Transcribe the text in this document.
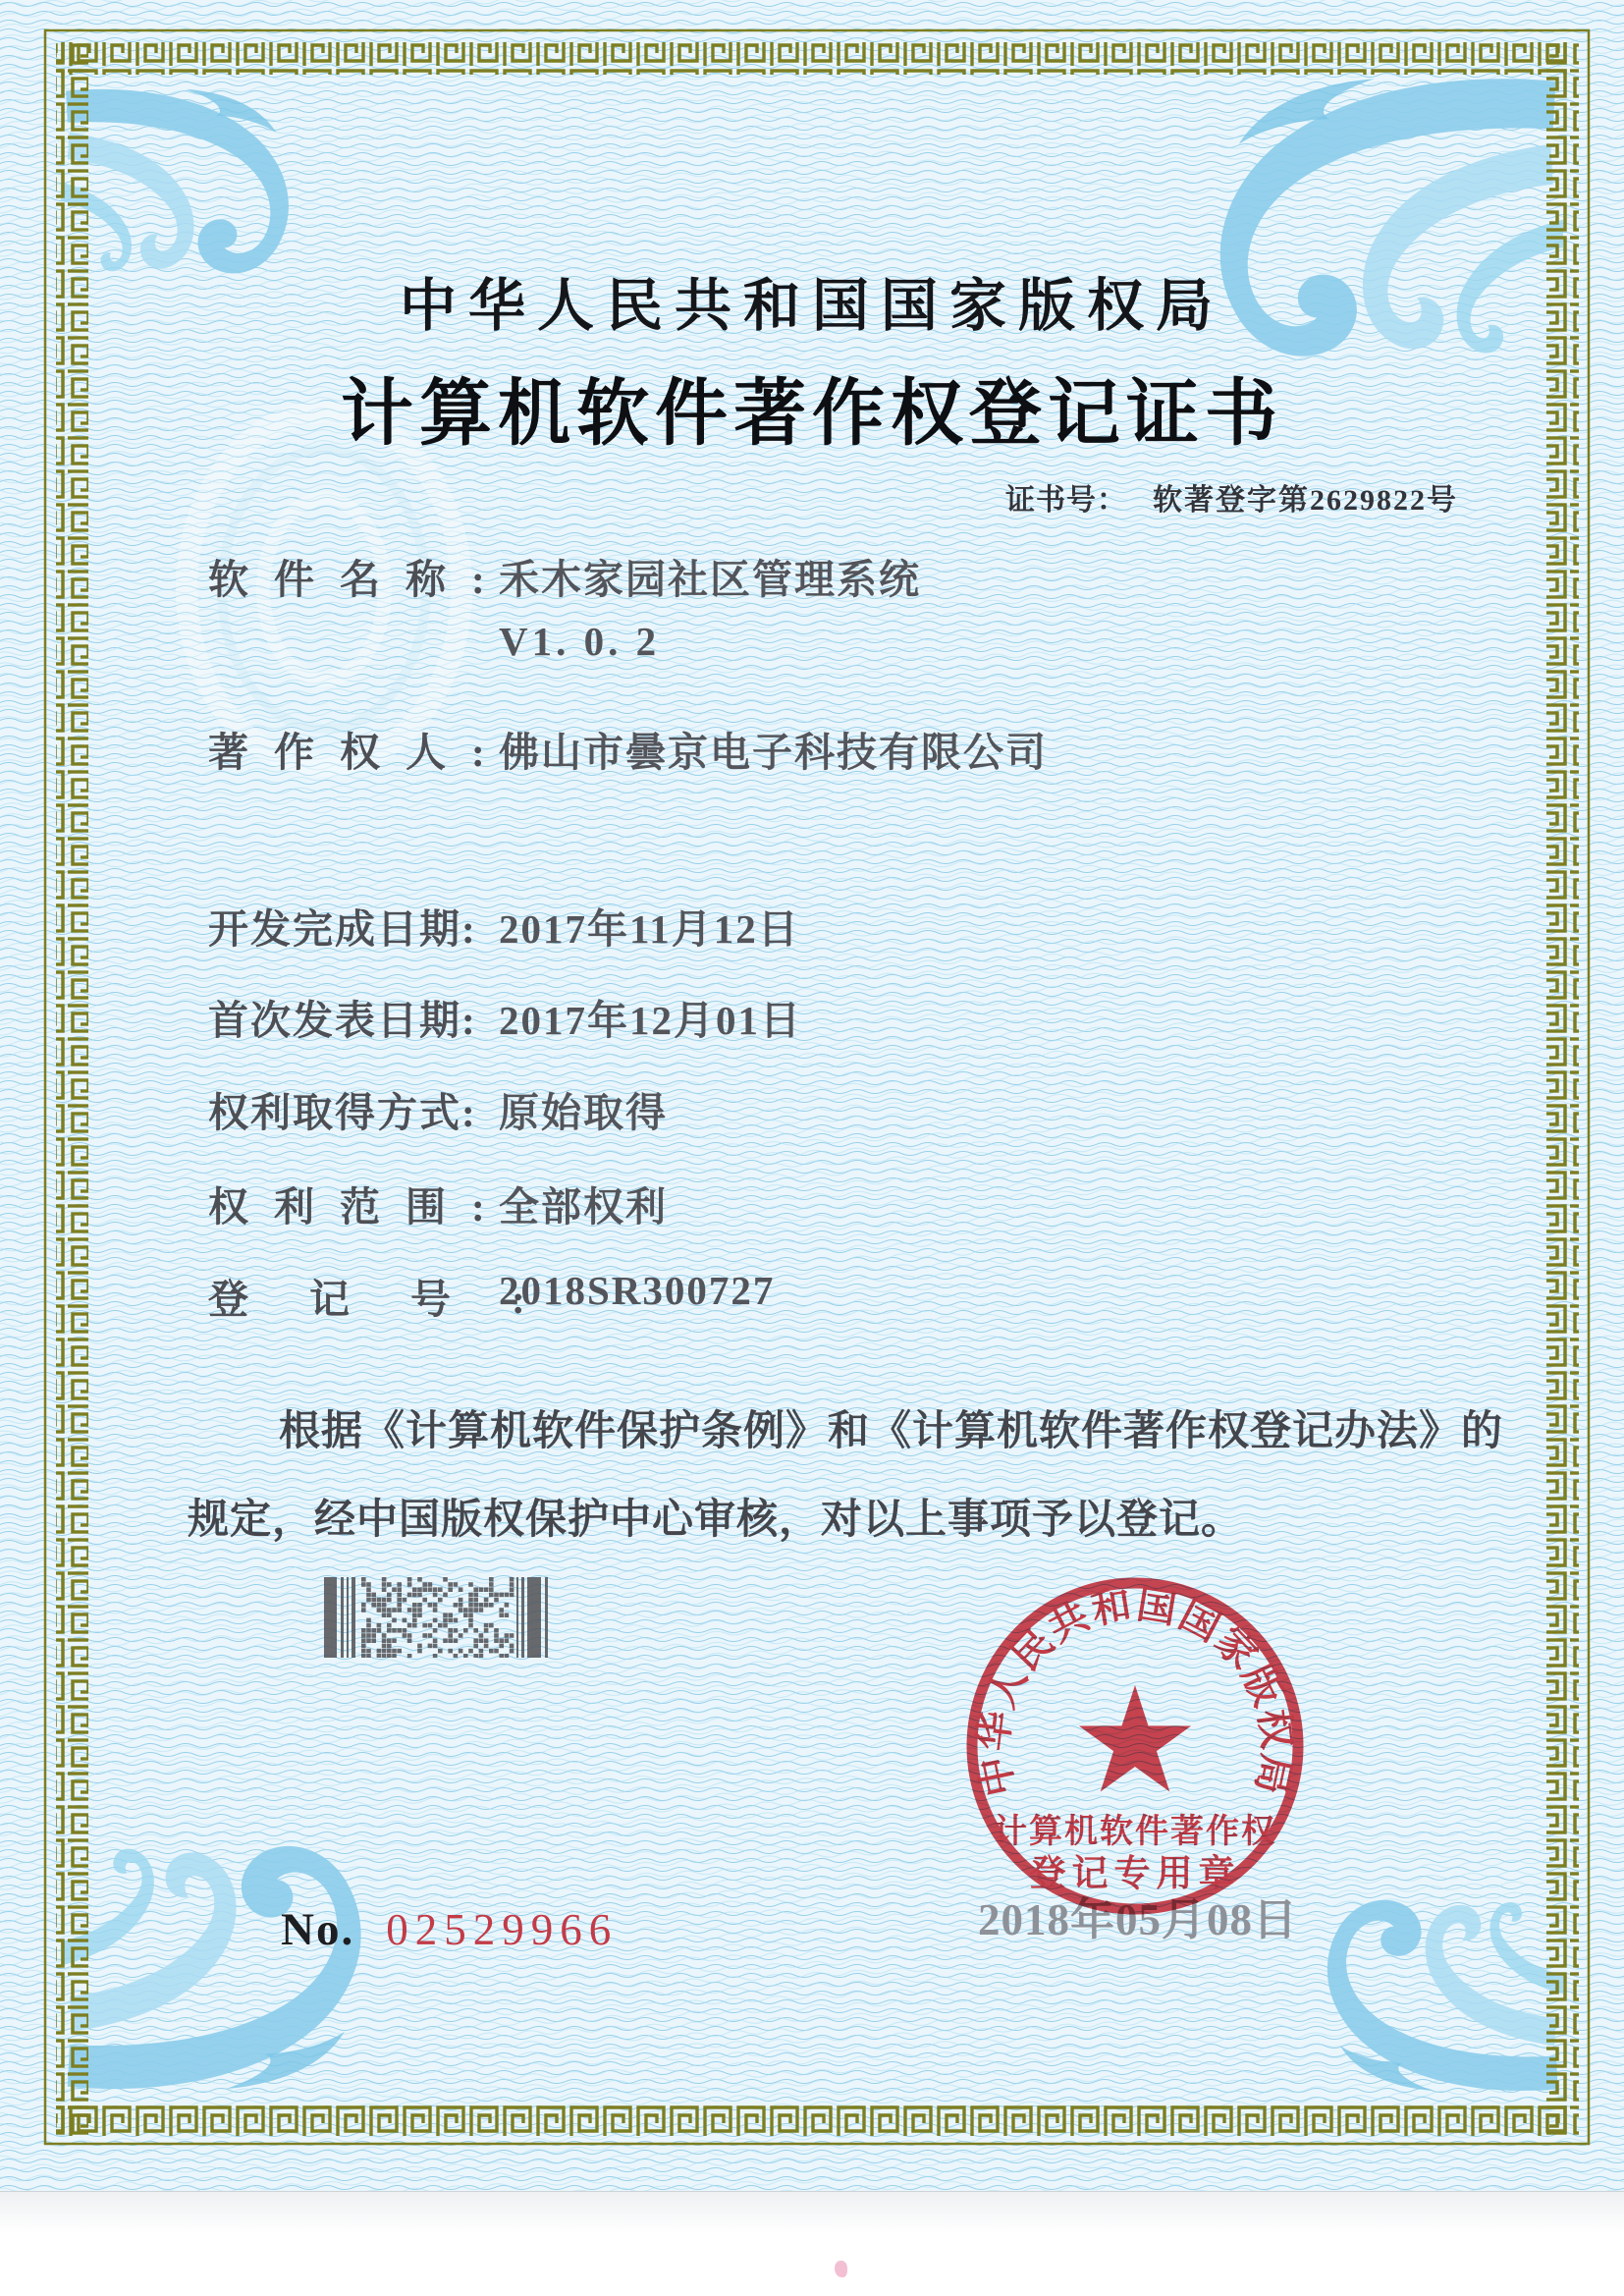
中华人民共和国国家版权局
计算机软件著作权登记证书
证书号： 软著登字第2629822号
软件名称:
禾木家园社区管理系统
V1. 0. 2
著作权人:
佛山市曇京电子科技有限公司
开发完成日期: 2017年11月12日
首次发表日期: 2017年12月01日
权利取得方式: 原始取得
权利范围:
全部权利
登记号:
2018SR300727
根据《计算机软件保护条例》和《计算机软件著作权登记办法》的
规定，经中国版权保护中心审核，对以上事项予以登记。
2018年05月08日
中华人民共和国国家版权局
计算机软件著作权
登记专用章
No. 02529966
